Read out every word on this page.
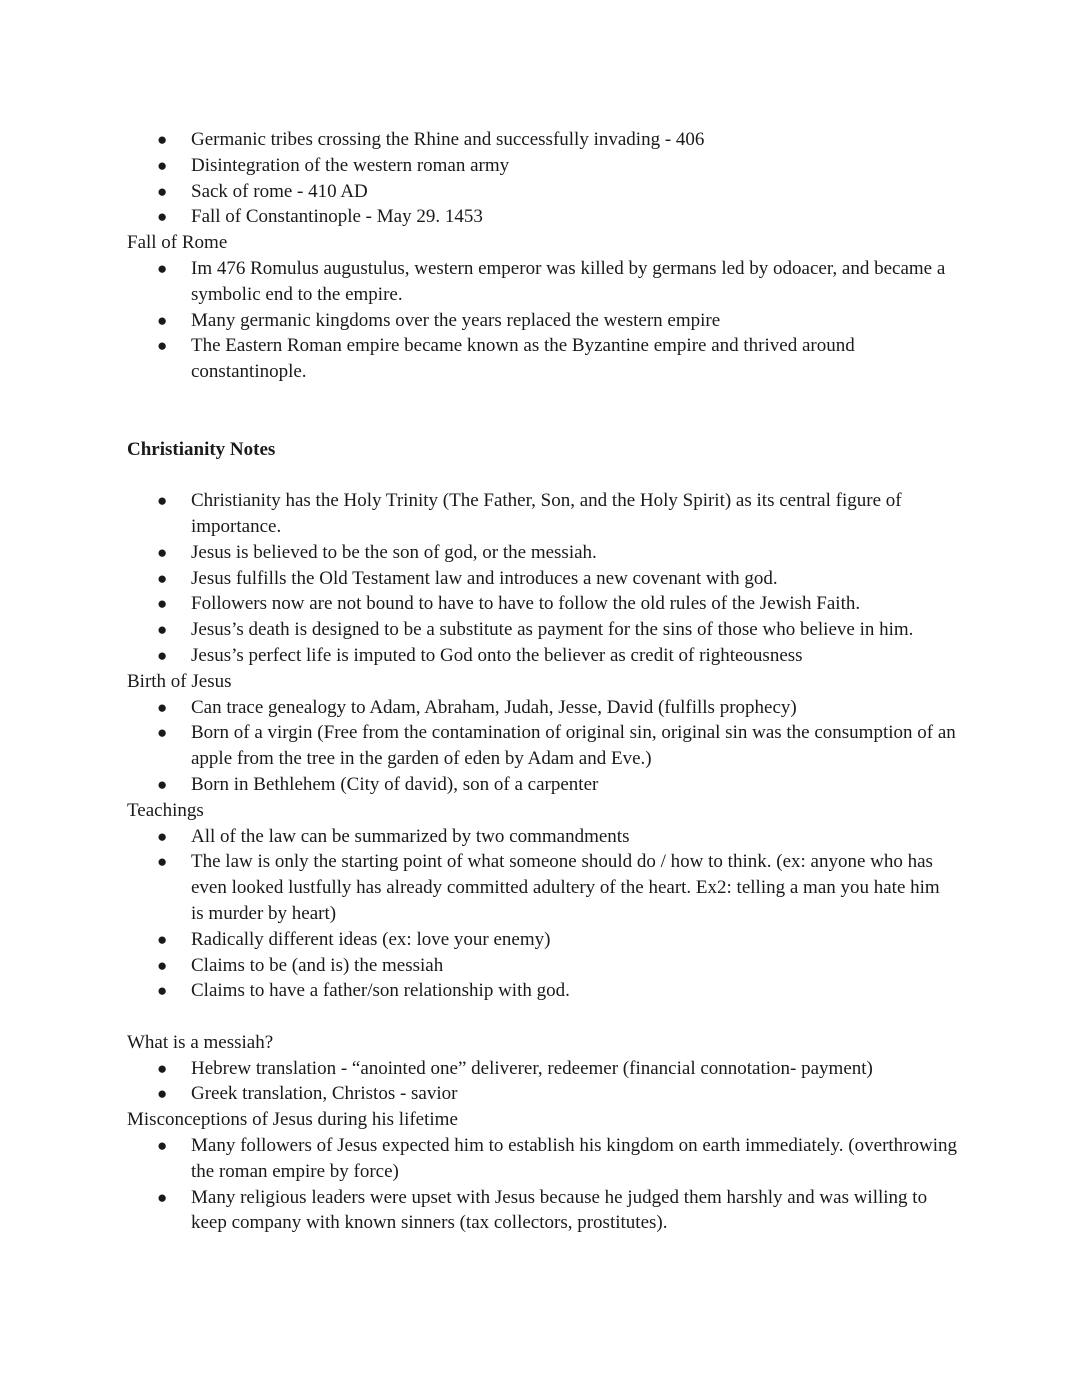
● Germanic tribes crossing the Rhine and successfully invading - 406
● Disintegration of the western roman army
● Sack of rome - 410 AD
● Fall of Constantinople - May 29. 1453

Fall of Rome

● Im 476 Romulus augustulus, western emperor was killed by germans led by odoacer, and became a symbolic end to the empire.
● Many germanic kingdoms over the years replaced the western empire
● The Eastern Roman empire became known as the Byzantine empire and thrived around constantinople.

Christianity Notes

● Christianity has the Holy Trinity (The Father, Son, and the Holy Spirit) as its central figure of importance.
● Jesus is believed to be the son of god, or the messiah.
● Jesus fulfills the Old Testament law and introduces a new covenant with god.
● Followers now are not bound to have to have to follow the old rules of the Jewish Faith.
● Jesus’s death is designed to be a substitute as payment for the sins of those who believe in him.
● Jesus’s perfect life is imputed to God onto the believer as credit of righteousness

Birth of Jesus

● Can trace genealogy to Adam, Abraham, Judah, Jesse, David (fulfills prophecy)
● Born of a virgin (Free from the contamination of original sin, original sin was the consumption of an apple from the tree in the garden of eden by Adam and Eve.)
● Born in Bethlehem (City of david), son of a carpenter

Teachings

● All of the law can be summarized by two commandments
● The law is only the starting point of what someone should do / how to think. (ex: anyone who has even looked lustfully has already committed adultery of the heart. Ex2: telling a man you hate him is murder by heart)
● Radically different ideas (ex: love your enemy)
● Claims to be (and is) the messiah
● Claims to have a father/son relationship with god.

What is a messiah?

● Hebrew translation - “anointed one” deliverer, redeemer (financial connotation- payment)
● Greek translation, Christos - savior

Misconceptions of Jesus during his lifetime

● Many followers of Jesus expected him to establish his kingdom on earth immediately. (overthrowing the roman empire by force)
● Many religious leaders were upset with Jesus because he judged them harshly and was willing to keep company with known sinners (tax collectors, prostitutes).
